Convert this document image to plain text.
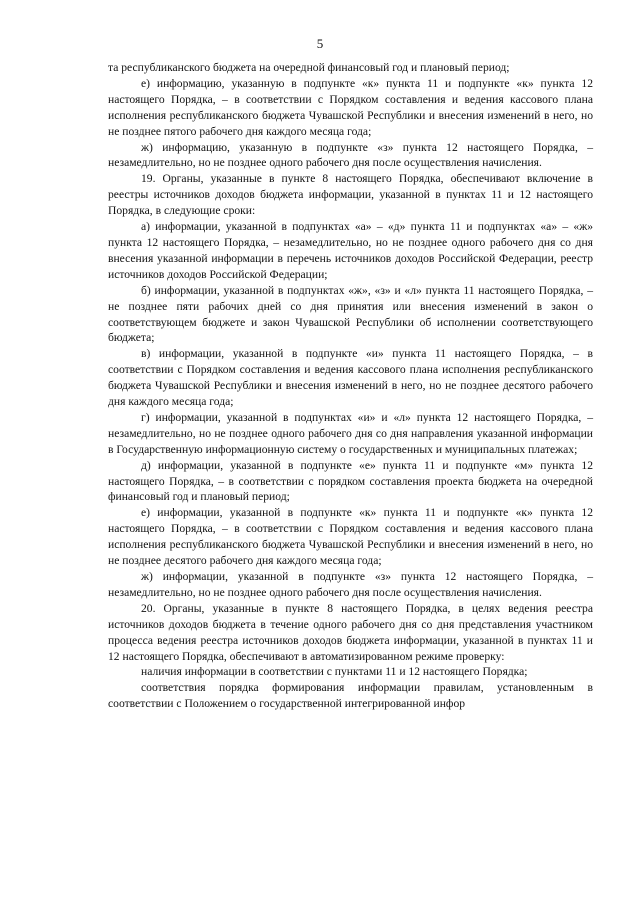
5

та республиканского бюджета на очередной финансовый год и плановый период;

е) информацию, указанную в подпункте «к» пункта 11 и подпункте «к» пункта 12 настоящего Порядка, – в соответствии с Порядком составления и ведения кассового плана исполнения республиканского бюджета Чувашской Республики и внесения изменений в него, но не позднее пятого рабочего дня каждого месяца года;

ж) информацию, указанную в подпункте «з» пункта 12 настоящего Порядка, – незамедлительно, но не позднее одного рабочего дня после осуществления начисления.

19. Органы, указанные в пункте 8 настоящего Порядка, обеспечивают включение в реестры источников доходов бюджета информации, указанной в пунктах 11 и 12 настоящего Порядка, в следующие сроки:

а) информации, указанной в подпунктах «а» – «д» пункта 11 и подпунктах «а» – «ж» пункта 12 настоящего Порядка, – незамедлительно, но не позднее одного рабочего дня со дня внесения указанной информации в перечень источников доходов Российской Федерации, реестр источников доходов Российской Федерации;

б) информации, указанной в подпунктах «ж», «з» и «л» пункта 11 настоящего Порядка, – не позднее пяти рабочих дней со дня принятия или внесения изменений в закон о соответствующем бюджете и закон Чувашской Республики об исполнении соответствующего бюджета;

в) информации, указанной в подпункте «и» пункта 11 настоящего Порядка, – в соответствии с Порядком составления и ведения кассового плана исполнения республиканского бюджета Чувашской Республики и внесения изменений в него, но не позднее десятого рабочего дня каждого месяца года;

г) информации, указанной в подпунктах «и» и «л» пункта 12 настоящего Порядка, – незамедлительно, но не позднее одного рабочего дня со дня направления указанной информации в Государственную информационную систему о государственных и муниципальных платежах;

д) информации, указанной в подпункте «е» пункта 11 и подпункте «м» пункта 12 настоящего Порядка, – в соответствии с порядком составления проекта бюджета на очередной финансовый год и плановый период;

е) информации, указанной в подпункте «к» пункта 11 и подпункте «к» пункта 12 настоящего Порядка, – в соответствии с Порядком составления и ведения кассового плана исполнения республиканского бюджета Чувашской Республики и внесения изменений в него, но не позднее десятого рабочего дня каждого месяца года;

ж) информации, указанной в подпункте «з» пункта 12 настоящего Порядка, – незамедлительно, но не позднее одного рабочего дня после осуществления начисления.

20. Органы, указанные в пункте 8 настоящего Порядка, в целях ведения реестра источников доходов бюджета в течение одного рабочего дня со дня представления участником процесса ведения реестра источников доходов бюджета информации, указанной в пунктах 11 и 12 настоящего Порядка, обеспечивают в автоматизированном режиме проверку:

наличия информации в соответствии с пунктами 11 и 12 настоящего Порядка;

соответствия порядка формирования информации правилам, установленным в соответствии с Положением о государственной интегрированной инфор
